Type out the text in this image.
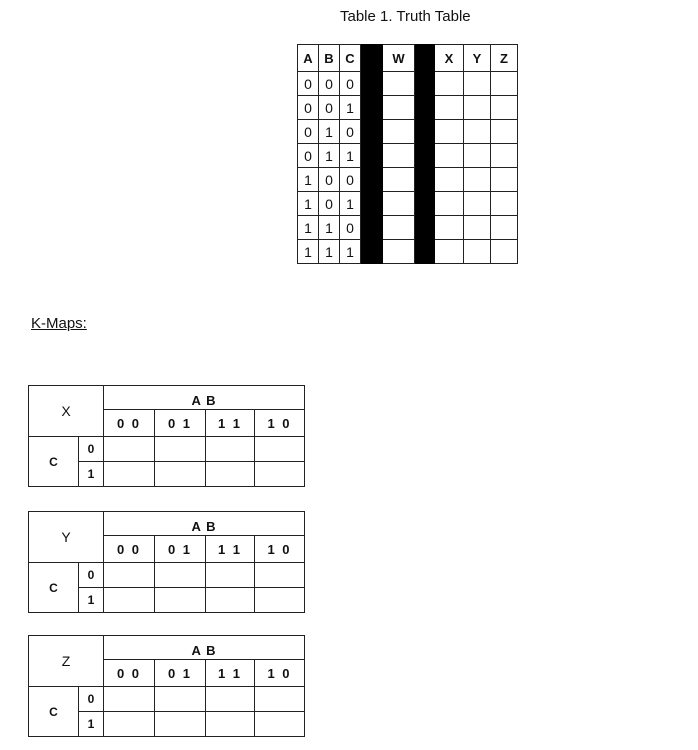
Table 1. Truth Table
A	B	C		W		X	Y	Z
0	0	0						
0	0	1						
0	1	0						
0	1	1						
1	0	0						
1	0	1						
1	1	0						
1	1	1						
K-Maps:
X		A B			
		0 0	0 1	1 1	1 0
C	0				
	1				
Y		A B			
		0 0	0 1	1 1	1 0
C	0				
	1				
Z		A B			
		0 0	0 1	1 1	1 0
C	0				
	1				
